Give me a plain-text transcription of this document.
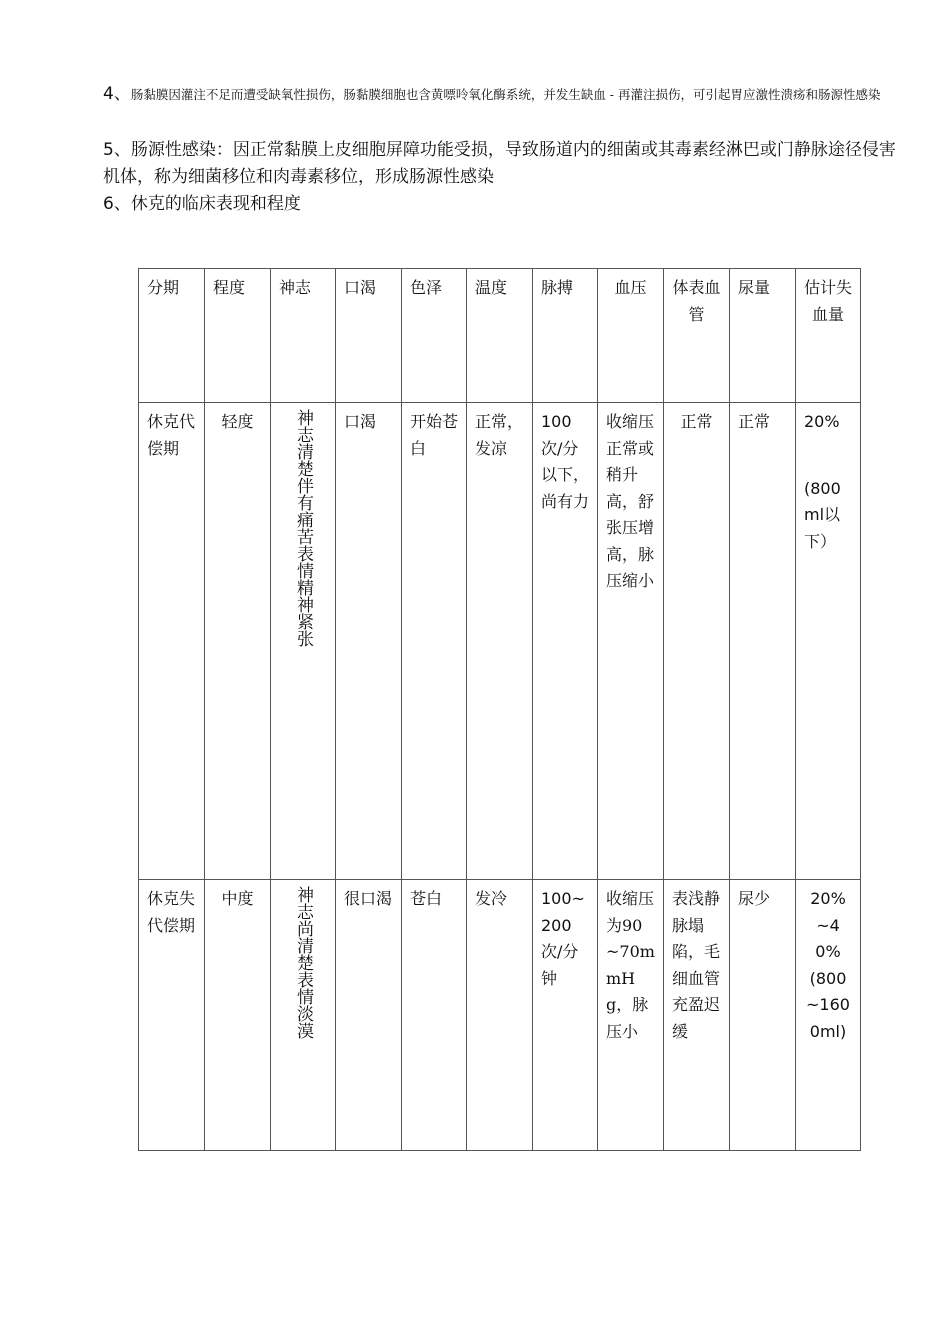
4、肠黏膜因灌注不足而遭受缺氧性损伤，肠黏膜细胞也含黄嘌呤氧化酶系统，并发生缺血 - 再灌注损伤，可引起胃应激性溃疡和肠源性感染
5、肠源性感染：因正常黏膜上皮细胞屏障功能受损，导致肠道内的细菌或其毒素经淋巴或门静脉途径侵害机体，称为细菌移位和肉毒素移位，形成肠源性感染
6、休克的临床表现和程度
分期	程度	神志	口渴	色泽	温度	脉搏	血压	体表血管	尿量	估计失血量
休克代偿期	轻度	神志清楚伴有痛苦表情精神紧张	口渴	开始苍白	正常，发凉	100次/分以下，尚有力	收缩压正常或稍升高，舒张压增高，脉压缩小	正常	正常	20%
(800ml以下）

休克失代偿期	中度	神志尚清楚表情淡漠	很口渴	苍白	发冷	100~200次/分钟	收缩压为90~70mmHg，脉压小	表浅静脉塌陷，毛细血管充盈迟缓	尿少	20%~40%
(800~1600ml)
